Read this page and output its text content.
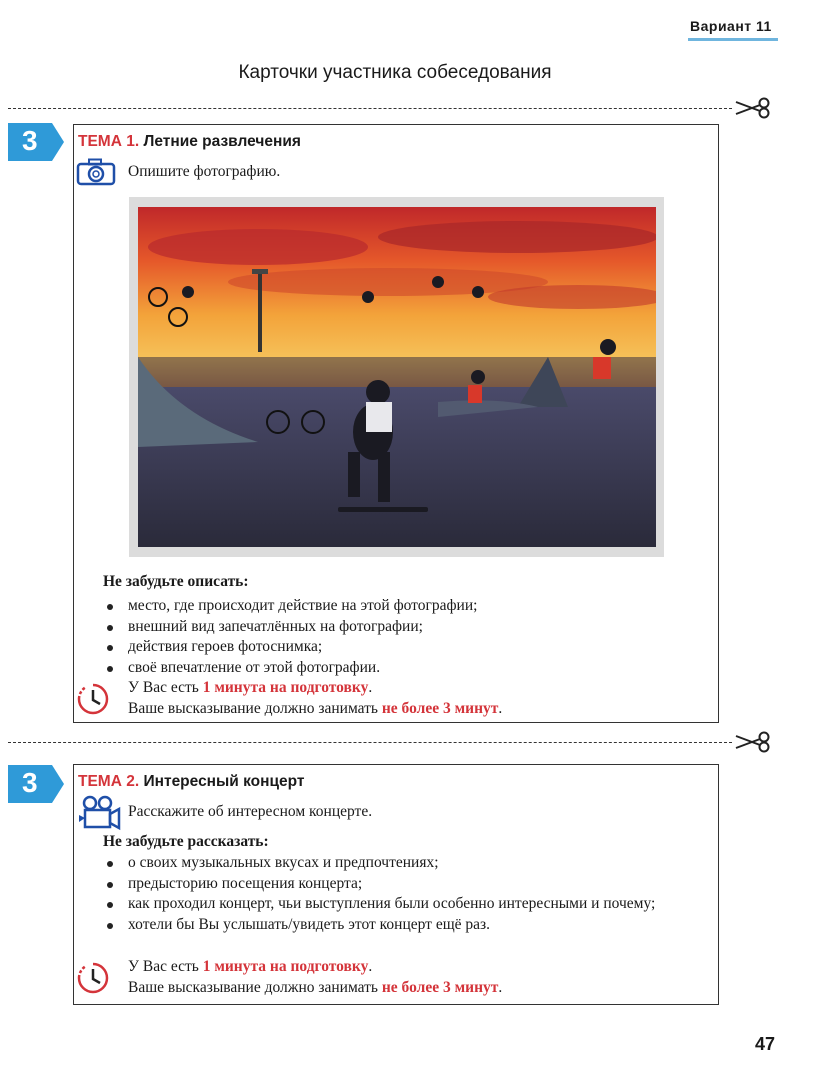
Вариант 11
Карточки участника собеседования
3	ТЕМА 1. Летние развлечения
Опишите фотографию.
Не забудьте описать:
место, где происходит действие на этой фотографии;
внешний вид запечатлённых на фотографии;
действия героев фотоснимка;
своё впечатление от этой фотографии.
У Вас есть 1 минута на подготовку.
Ваше высказывание должно занимать не более 3 минут.
3	ТЕМА 2. Интересный концерт
Расскажите об интересном концерте.
Не забудьте рассказать:
о своих музыкальных вкусах и предпочтениях;
предысторию посещения концерта;
как проходил концерт, чьи выступления были особенно интересными и почему;
хотели бы Вы услышать/увидеть этот концерт ещё раз.
У Вас есть 1 минута на подготовку.
Ваше высказывание должно занимать не более 3 минут.
47
